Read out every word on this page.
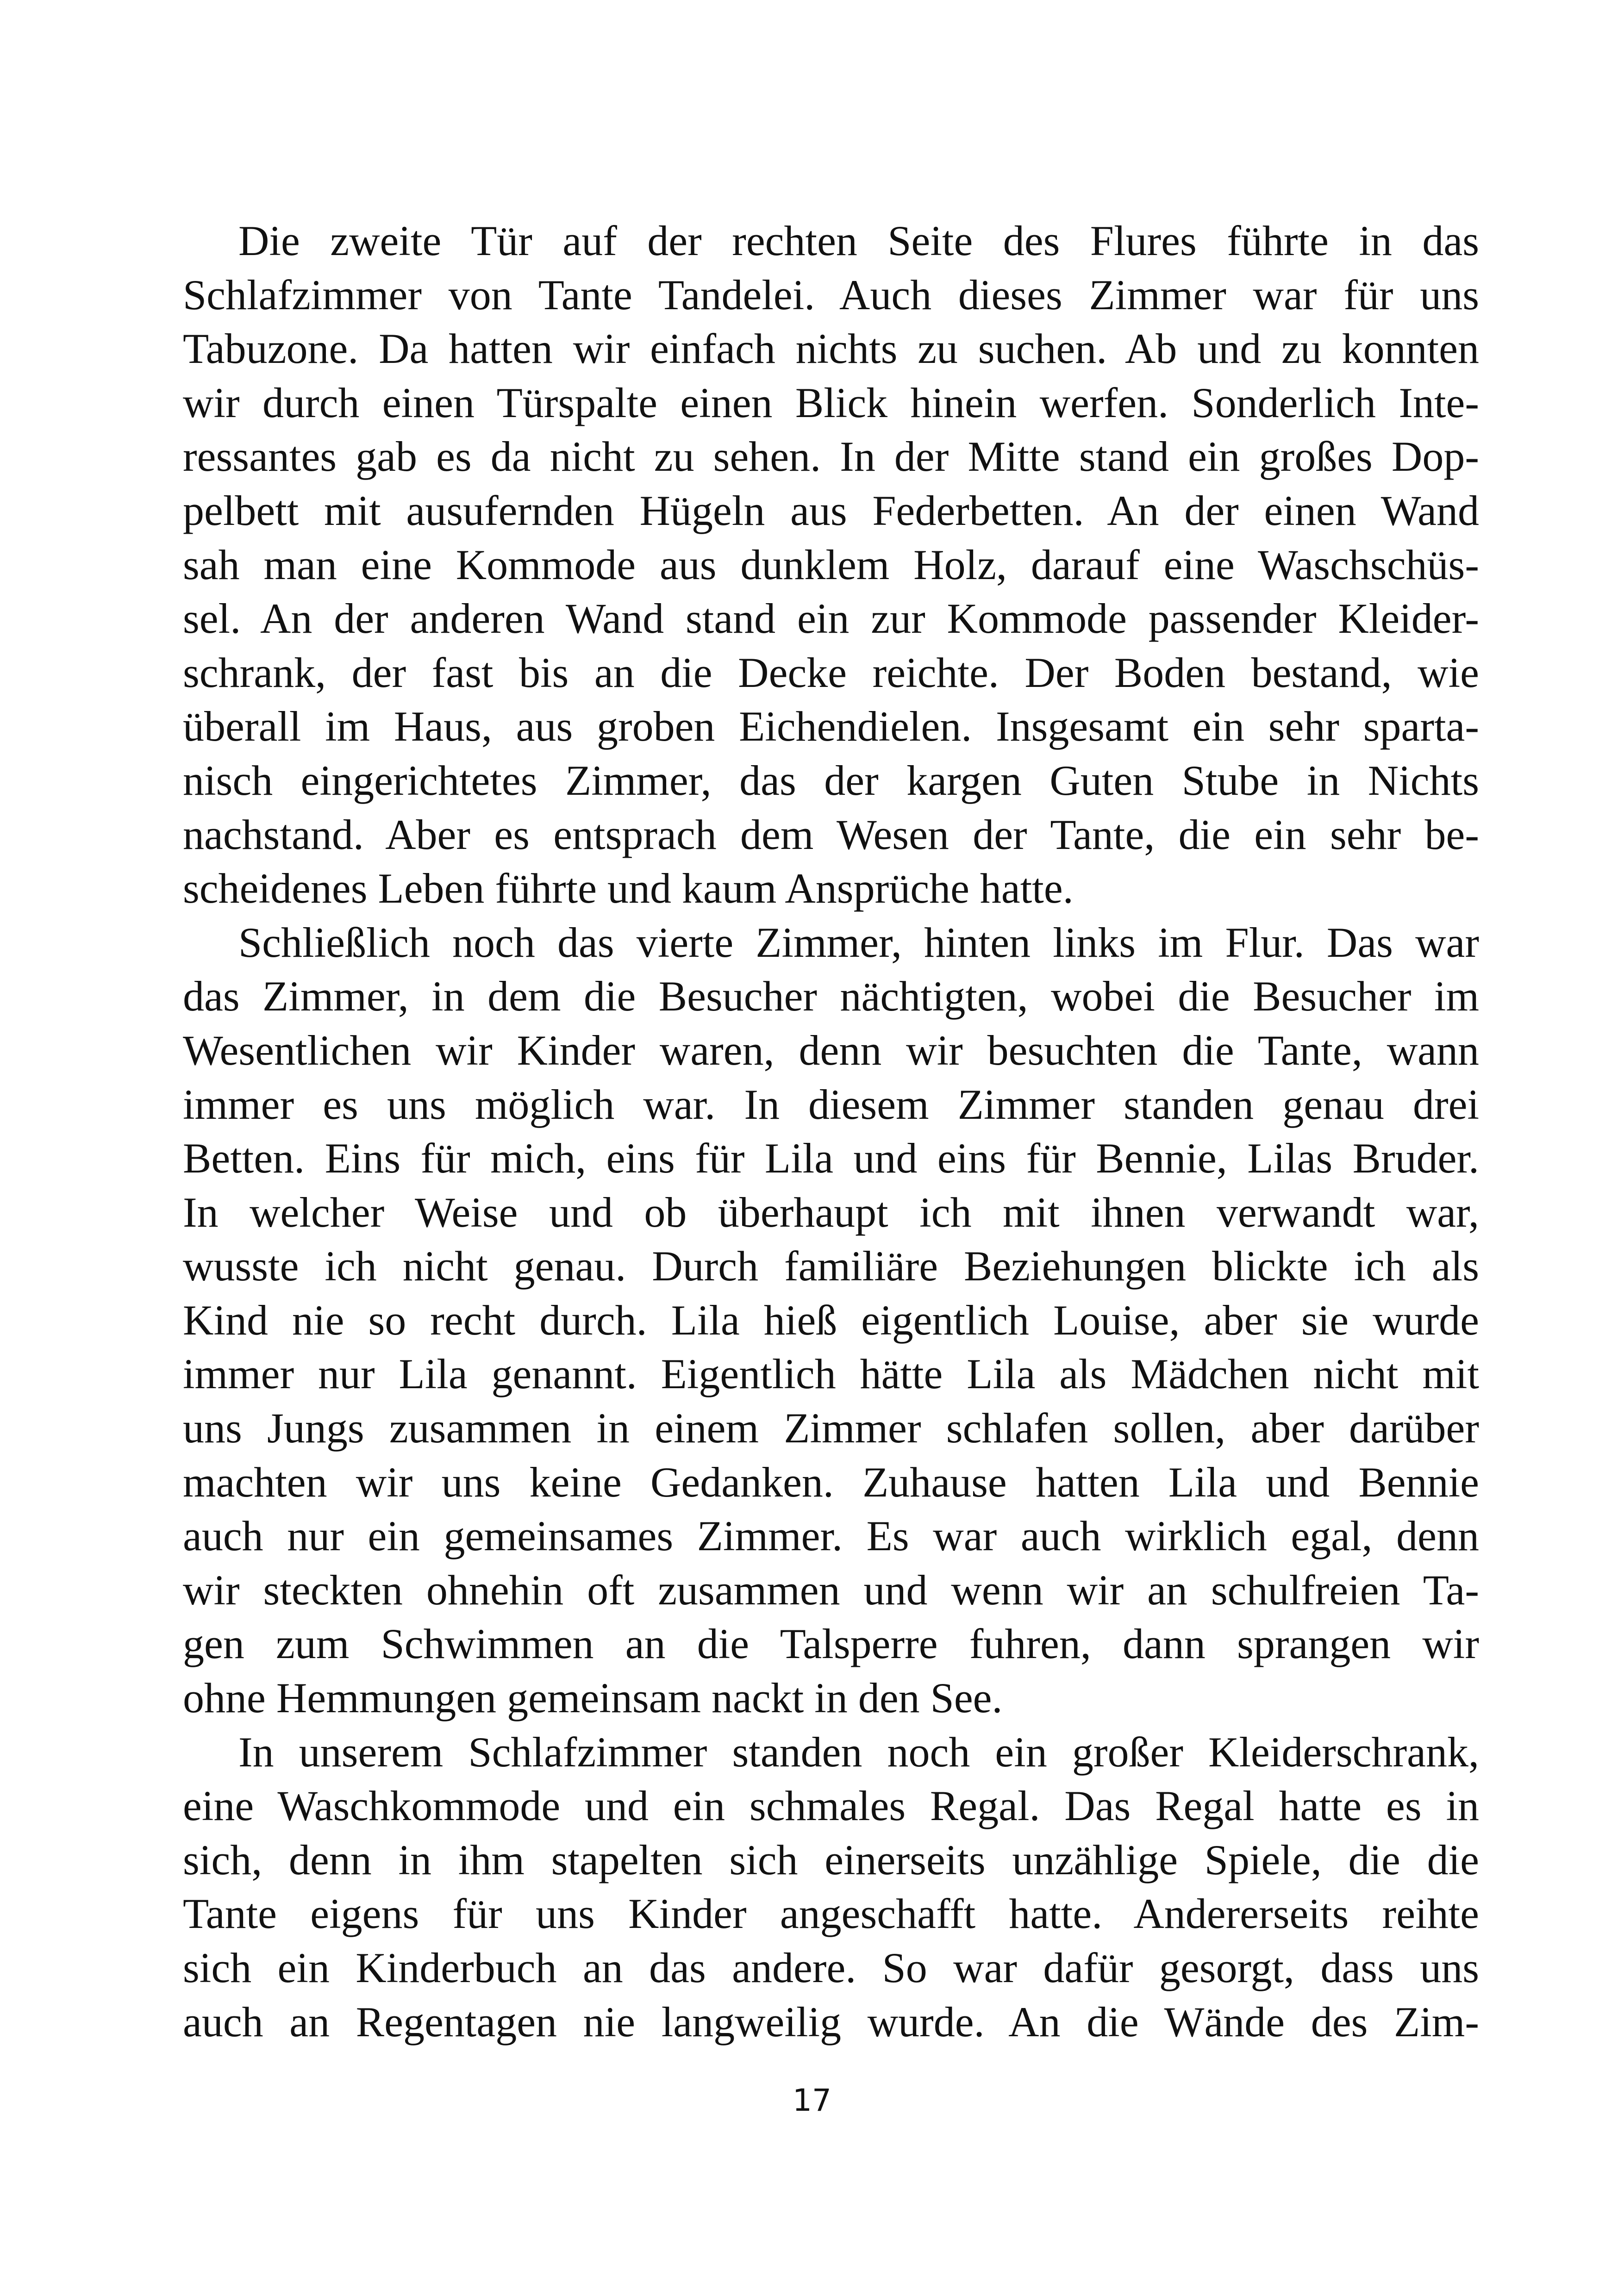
Die zweite Tür auf der rechten Seite des Flures führte in das
Schlafzimmer von Tante Tandelei. Auch dieses Zimmer war für uns
Tabuzone. Da hatten wir einfach nichts zu suchen. Ab und zu konnten
wir durch einen Türspalte einen Blick hinein werfen. Sonderlich Inte-
ressantes gab es da nicht zu sehen. In der Mitte stand ein großes Dop-
pelbett mit ausufernden Hügeln aus Federbetten. An der einen Wand
sah man eine Kommode aus dunklem Holz, darauf eine Waschschüs-
sel. An der anderen Wand stand ein zur Kommode passender Kleider-
schrank, der fast bis an die Decke reichte. Der Boden bestand, wie
überall im Haus, aus groben Eichendielen. Insgesamt ein sehr sparta-
nisch eingerichtetes Zimmer, das der kargen Guten Stube in Nichts
nachstand. Aber es entsprach dem Wesen der Tante, die ein sehr be-
scheidenes Leben führte und kaum Ansprüche hatte.
Schließlich noch das vierte Zimmer, hinten links im Flur. Das war
das Zimmer, in dem die Besucher nächtigten, wobei die Besucher im
Wesentlichen wir Kinder waren, denn wir besuchten die Tante, wann
immer es uns möglich war. In diesem Zimmer standen genau drei
Betten. Eins für mich, eins für Lila und eins für Bennie, Lilas Bruder.
In welcher Weise und ob überhaupt ich mit ihnen verwandt war,
wusste ich nicht genau. Durch familiäre Beziehungen blickte ich als
Kind nie so recht durch. Lila hieß eigentlich Louise, aber sie wurde
immer nur Lila genannt. Eigentlich hätte Lila als Mädchen nicht mit
uns Jungs zusammen in einem Zimmer schlafen sollen, aber darüber
machten wir uns keine Gedanken. Zuhause hatten Lila und Bennie
auch nur ein gemeinsames Zimmer. Es war auch wirklich egal, denn
wir steckten ohnehin oft zusammen und wenn wir an schulfreien Ta-
gen zum Schwimmen an die Talsperre fuhren, dann sprangen wir
ohne Hemmungen gemeinsam nackt in den See.
In unserem Schlafzimmer standen noch ein großer Kleiderschrank,
eine Waschkommode und ein schmales Regal. Das Regal hatte es in
sich, denn in ihm stapelten sich einerseits unzählige Spiele, die die
Tante eigens für uns Kinder angeschafft hatte. Andererseits reihte
sich ein Kinderbuch an das andere. So war dafür gesorgt, dass uns
auch an Regentagen nie langweilig wurde. An die Wände des Zim-
17
